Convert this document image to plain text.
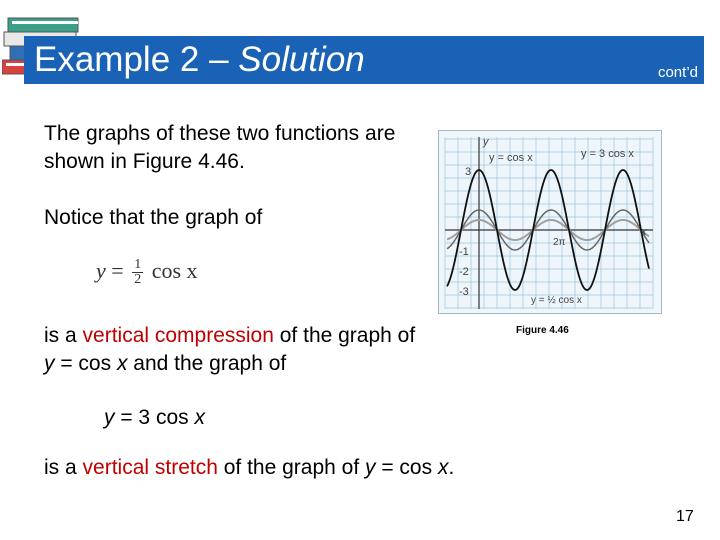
Example 2 – Solution	cont’d
The graphs of these two functions are shown in Figure 4.46.
Notice that the graph of
$y = \frac{1}{2}$ cos x
is a vertical compression of the graph of
y = cos x and the graph of
y = 3 cos x
is a vertical stretch of the graph of y = cos x.
y
x
y = cos x	y = 3 cos x
y = ½ cos x
2π
3
-1
-2
-3
Figure 4.46
17
